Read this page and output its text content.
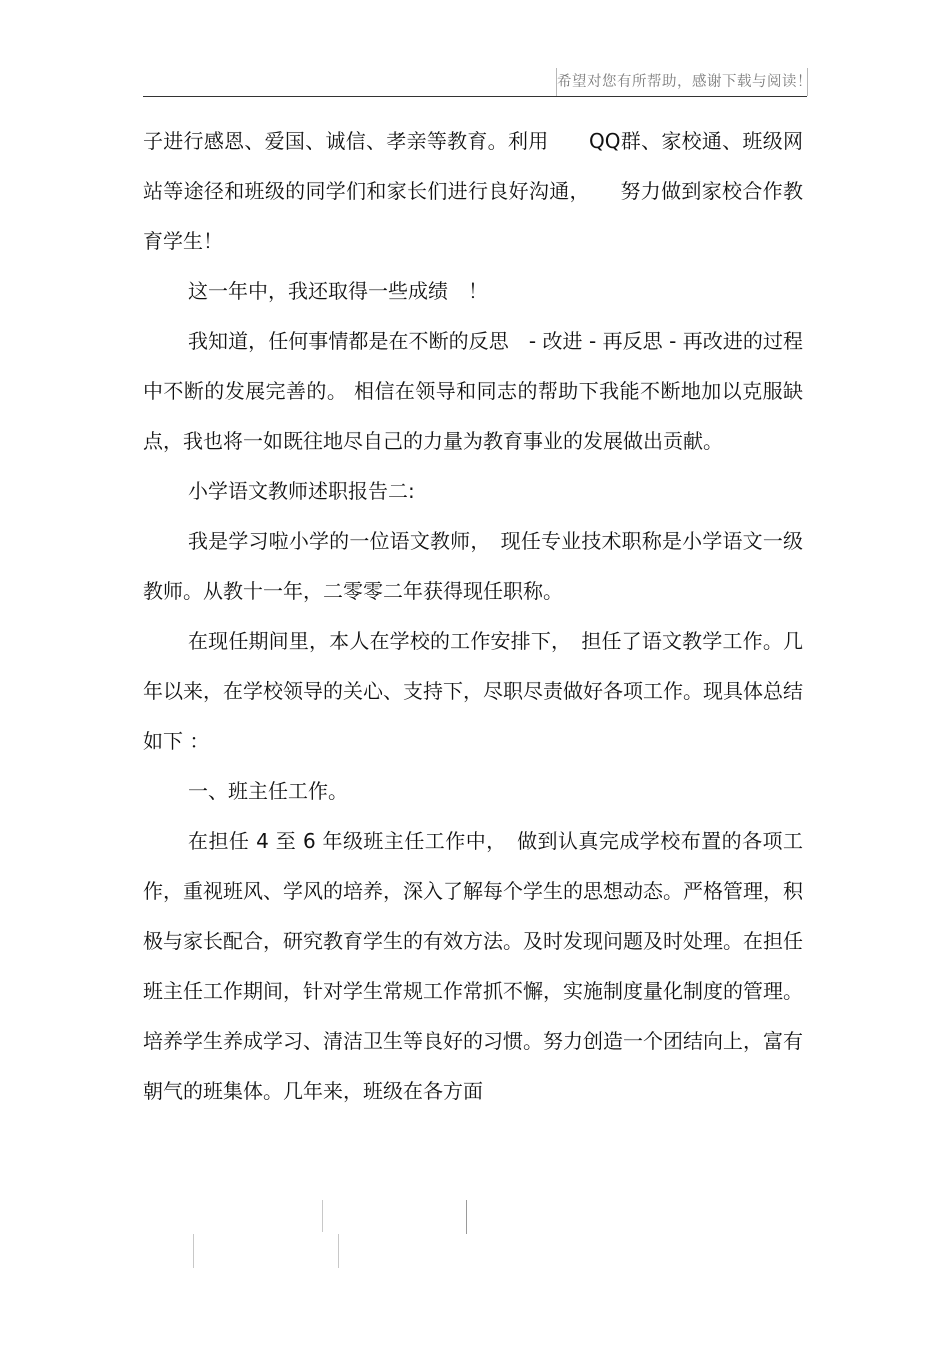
希望对您有所帮助，感谢下载与阅读！

子进行感恩、爱国、诚信、孝亲等教育。利用　　QQ群、家校通、班级网站等途径和班级的同学们和家长们进行良好沟通，　　努力做到家校合作教育学生！

这一年中，我还取得一些成绩　！

我知道，任何事情都是在不断的反思　- 改进 - 再反思 - 再改进的过程中不断的发展完善的。 相信在领导和同志的帮助下我能不断地加以克服缺点，我也将一如既往地尽自己的力量为教育事业的发展做出贡献。

小学语文教师述职报告二:

我是学习啦小学的一位语文教师，　现任专业技术职称是小学语文一级教师。从教十一年，二零零二年获得现任职称。

在现任期间里，本人在学校的工作安排下，　担任了语文教学工作。几年以来，在学校领导的关心、支持下，尽职尽责做好各项工作。现具体总结如下 ：

一、班主任工作。

在担任 4 至 6 年级班主任工作中，　做到认真完成学校布置的各项工作，重视班风、学风的培养，深入了解每个学生的思想动态。严格管理，积极与家长配合，研究教育学生的有效方法。及时发现问题及时处理。在担任班主任工作期间，针对学生常规工作常抓不懈，实施制度量化制度的管理。培养学生养成学习、清洁卫生等良好的习惯。努力创造一个团结向上，富有朝气的班集体。几年来，班级在各方面
